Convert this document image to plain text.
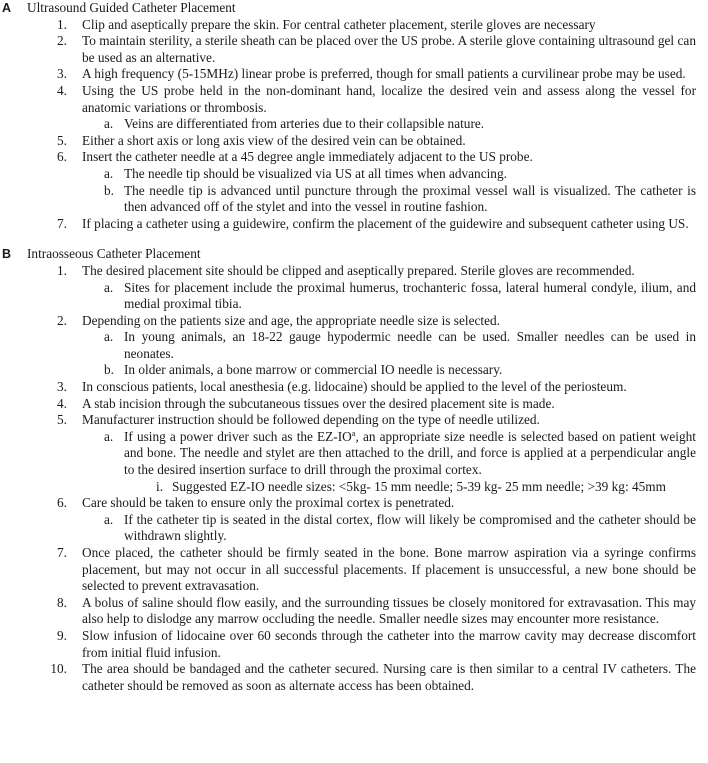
A Ultrasound Guided Catheter Placement
1. Clip and aseptically prepare the skin. For central catheter placement, sterile gloves are necessary
2. To maintain sterility, a sterile sheath can be placed over the US probe. A sterile glove containing ultrasound gel can be used as an alternative.
3. A high frequency (5-15MHz) linear probe is preferred, though for small patients a curvilinear probe may be used.
4. Using the US probe held in the non-dominant hand, localize the desired vein and assess along the vessel for anatomic variations or thrombosis.
a. Veins are differentiated from arteries due to their collapsible nature.
5. Either a short axis or long axis view of the desired vein can be obtained.
6. Insert the catheter needle at a 45 degree angle immediately adjacent to the US probe.
a. The needle tip should be visualized via US at all times when advancing.
b. The needle tip is advanced until puncture through the proximal vessel wall is visualized. The catheter is then advanced off of the stylet and into the vessel in routine fashion.
7. If placing a catheter using a guidewire, confirm the placement of the guidewire and subsequent catheter using US.
B Intraosseous Catheter Placement
1. The desired placement site should be clipped and aseptically prepared. Sterile gloves are recommended.
a. Sites for placement include the proximal humerus, trochanteric fossa, lateral humeral condyle, ilium, and medial proximal tibia.
2. Depending on the patients size and age, the appropriate needle size is selected.
a. In young animals, an 18-22 gauge hypodermic needle can be used. Smaller needles can be used in neonates.
b. In older animals, a bone marrow or commercial IO needle is necessary.
3. In conscious patients, local anesthesia (e.g. lidocaine) should be applied to the level of the periosteum.
4. A stab incision through the subcutaneous tissues over the desired placement site is made.
5. Manufacturer instruction should be followed depending on the type of needle utilized.
a. If using a power driver such as the $EZ-IO^a$, an appropriate size needle is selected based on patient weight and bone. The needle and stylet are then attached to the drill, and force is applied at a perpendicular angle to the desired insertion surface to drill through the proximal cortex.
i. Suggested EZ-IO needle sizes: <5kg- 15 mm needle; 5-39 kg- 25 mm needle; >39 kg: 45mm
6. Care should be taken to ensure only the proximal cortex is penetrated.
a. If the catheter tip is seated in the distal cortex, flow will likely be compromised and the catheter should be withdrawn slightly.
7. Once placed, the catheter should be firmly seated in the bone. Bone marrow aspiration via a syringe confirms placement, but may not occur in all successful placements. If placement is unsuccessful, a new bone should be selected to prevent extravasation.
8. A bolus of saline should flow easily, and the surrounding tissues be closely monitored for extravasation. This may also help to dislodge any marrow occluding the needle. Smaller needle sizes may encounter more resistance.
9. Slow infusion of lidocaine over 60 seconds through the catheter into the marrow cavity may decrease discomfort from initial fluid infusion.
10. The area should be bandaged and the catheter secured. Nursing care is then similar to a central IV catheters. The catheter should be removed as soon as alternate access has been obtained.
